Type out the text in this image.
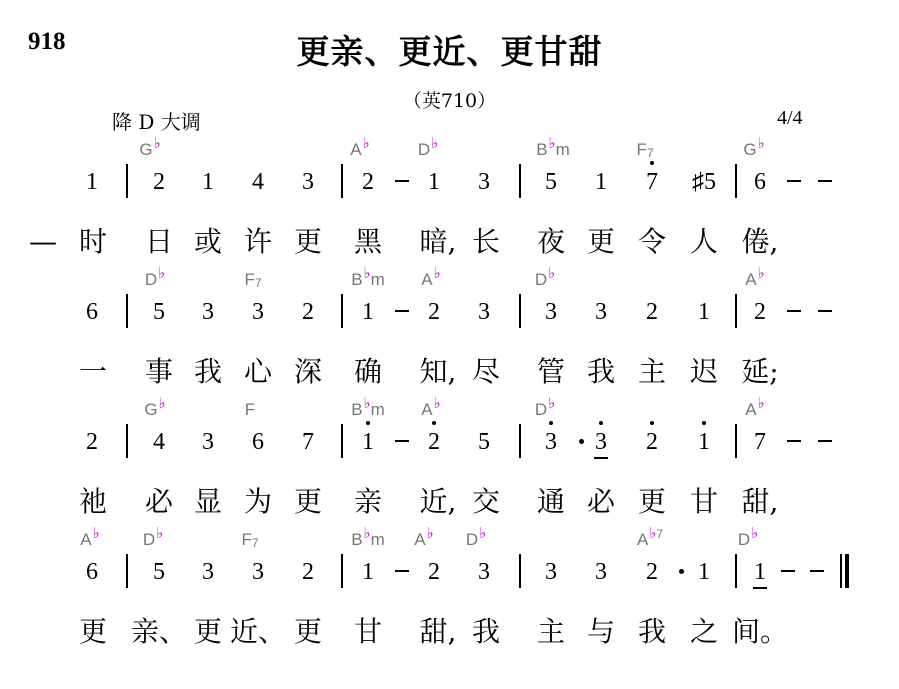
918	更亲、更近、更甘甜
（英710）
降 D 大调	4/4
G♭	A♭	D♭	B♭m	F7	G♭
1 2 1 4 3 2 1 3 5 1 7 ♯5 6
— 时 日 或 许 更 黑 暗, 长 夜 更 令 人 倦,
D♭	F7	B♭m A♭	D♭	A♭
6 5 3 3 2 1 2 3 3 3 2 1 2
一 事 我 心 深 确 知, 尽 管 我 主 迟 延;
G♭	F	B♭m A♭	D♭	A♭
2 4 3 6 7 1 2 5 3 3 2 1 7
祂 必 显 为 更 亲 近, 交 通 必 更 甘 甜,
A♭	D♭	F7	B♭m A♭ D♭	A♭$^7$	D♭
6 5 3 3 2 1 2 3 3 3 2 1 1
更 亲、 更 近、 更 甘 甜, 我 主 与 我 之 间。
